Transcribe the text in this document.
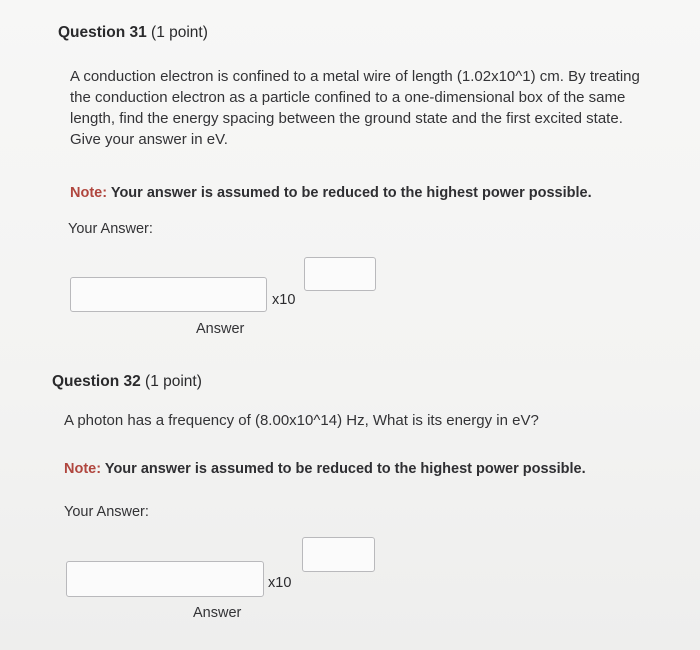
Question 31 (1 point)
A conduction electron is confined to a metal wire of length (1.02x10^1) cm. By treating the conduction electron as a particle confined to a one-dimensional box of the same length, find the energy spacing between the ground state and the first excited state. Give your answer in eV.
Note: Your answer is assumed to be reduced to the highest power possible.
Your Answer:
x10
Answer
Question 32 (1 point)
A photon has a frequency of (8.00x10^14) Hz, What is its energy in eV?
Note: Your answer is assumed to be reduced to the highest power possible.
Your Answer:
x10
Answer
